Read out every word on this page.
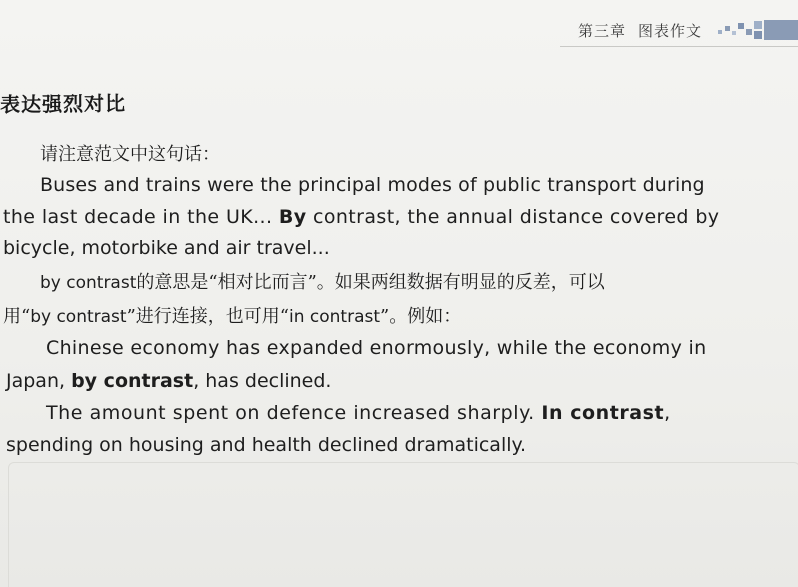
第三章 图表作文
表达强烈对比
请注意范文中这句话：
Buses and trains were the principal modes of public transport during
the last decade in the UK... By contrast, the annual distance covered by
bicycle, motorbike and air travel...
by contrast的意思是“相对比而言”。如果两组数据有明显的反差，可以
用“by contrast”进行连接，也可用“in contrast”。例如：
Chinese economy has expanded enormously, while the economy in
Japan, by contrast, has declined.
The amount spent on defence increased sharply. In contrast,
spending on housing and health declined dramatically.
